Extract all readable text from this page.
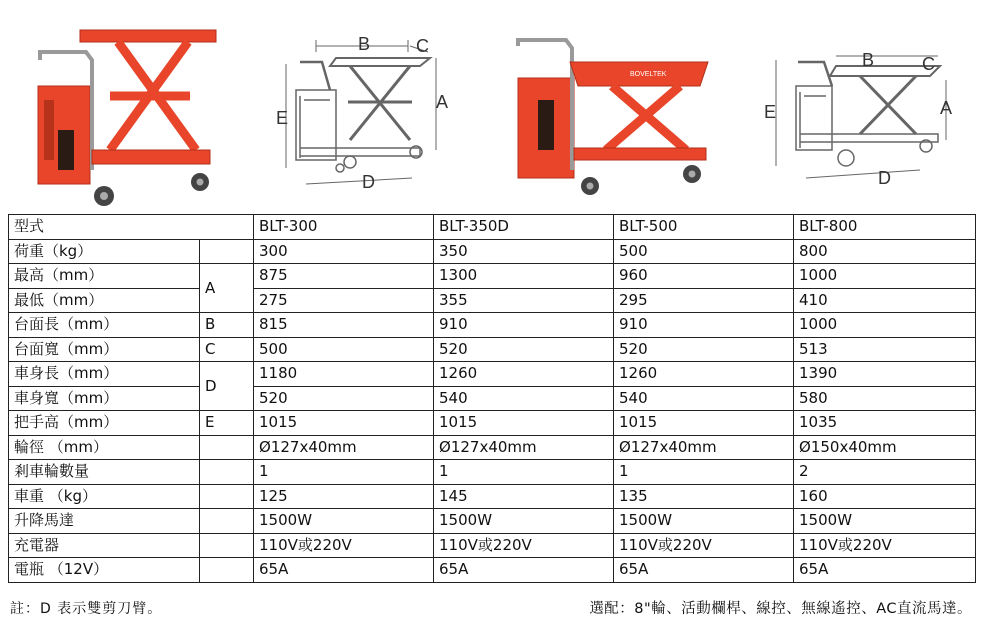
B	C
A
E
D
BOVELTEK
B	C
A
E
D
型式		BLT-300	BLT-350D	BLT-500	BLT-800
荷重（kg）		300	350	500	800
最高（mm）	A	875	1300	960	1000
最低（mm）		275	355	295	410
台面長（mm）	B	815	910	910	1000
台面寬（mm）	C	500	520	520	513
車身長（mm）	D	1180	1260	1260	1390
車身寬（mm）		520	540	540	580
把手高（mm）	E	1015	1015	1015	1035
輪徑 （mm）		Ø127x40mm	Ø127x40mm	Ø127x40mm	Ø150x40mm
剎車輪數量		1	1	1	2
車重 （kg）		125	145	135	160
升降馬達		1500W	1500W	1500W	1500W
充電器		110V或220V	110V或220V	110V或220V	110V或220V
電瓶 （12V）		65A	65A	65A	65A
註：D 表示雙剪刀臂。	選配：8"輪、活動欄桿、線控、無線遙控、AC直流馬達。
